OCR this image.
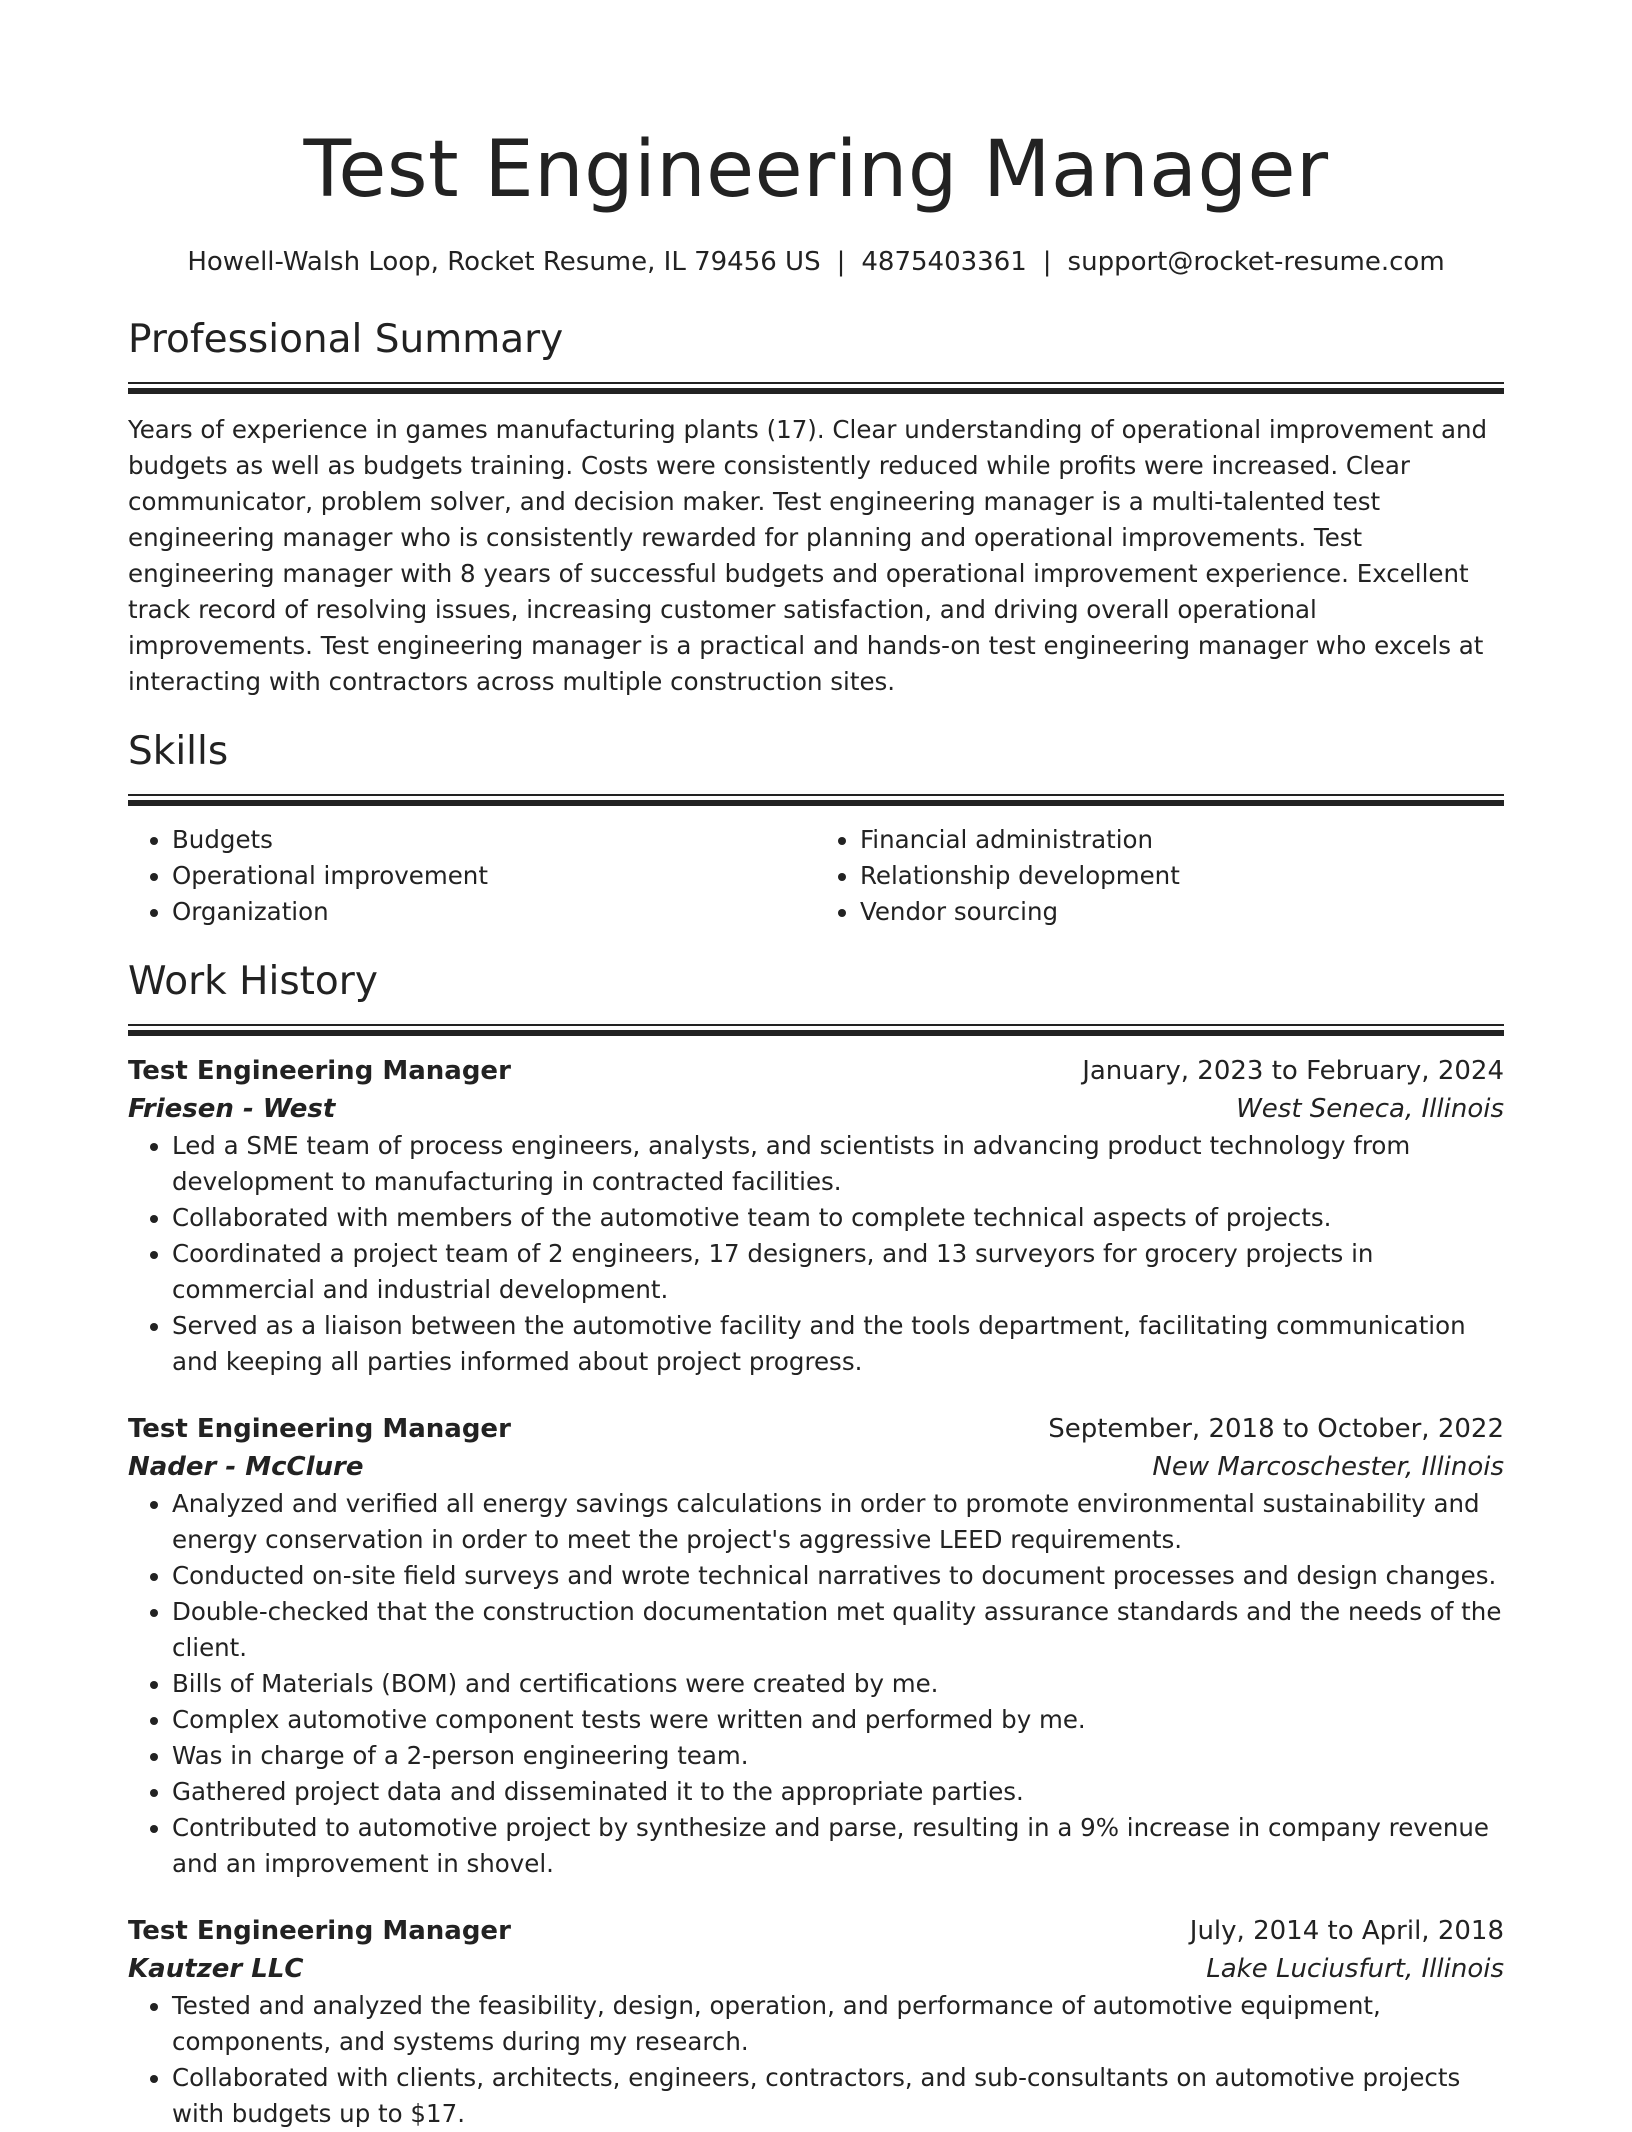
Test Engineering Manager
Howell-Walsh Loop, Rocket Resume, IL 79456 US | 4875403361 | support@rocket-resume.com
Professional Summary
Years of experience in games manufacturing plants (17). Clear understanding of operational improvement and budgets as well as budgets training. Costs were consistently reduced while profits were increased. Clear communicator, problem solver, and decision maker. Test engineering manager is a multi-talented test engineering manager who is consistently rewarded for planning and operational improvements. Test engineering manager with 8 years of successful budgets and operational improvement experience. Excellent track record of resolving issues, increasing customer satisfaction, and driving overall operational improvements. Test engineering manager is a practical and hands-on test engineering manager who excels at interacting with contractors across multiple construction sites.
Skills
• Budgets
• Operational improvement
• Organization
• Financial administration
• Relationship development
• Vendor sourcing
Work History
Test Engineering Manager	January, 2023 to February, 2024
Friesen - West	West Seneca, Illinois
• Led a SME team of process engineers, analysts, and scientists in advancing product technology from development to manufacturing in contracted facilities.
• Collaborated with members of the automotive team to complete technical aspects of projects.
• Coordinated a project team of 2 engineers, 17 designers, and 13 surveyors for grocery projects in commercial and industrial development.
• Served as a liaison between the automotive facility and the tools department, facilitating communication and keeping all parties informed about project progress.
Test Engineering Manager	September, 2018 to October, 2022
Nader - McClure	New Marcoschester, Illinois
• Analyzed and verified all energy savings calculations in order to promote environmental sustainability and energy conservation in order to meet the project's aggressive LEED requirements.
• Conducted on-site field surveys and wrote technical narratives to document processes and design changes.
• Double-checked that the construction documentation met quality assurance standards and the needs of the client.
• Bills of Materials (BOM) and certifications were created by me.
• Complex automotive component tests were written and performed by me.
• Was in charge of a 2-person engineering team.
• Gathered project data and disseminated it to the appropriate parties.
• Contributed to automotive project by synthesize and parse, resulting in a 9% increase in company revenue and an improvement in shovel.
Test Engineering Manager	July, 2014 to April, 2018
Kautzer LLC	Lake Luciusfurt, Illinois
• Tested and analyzed the feasibility, design, operation, and performance of automotive equipment, components, and systems during my research.
• Collaborated with clients, architects, engineers, contractors, and sub-consultants on automotive projects with budgets up to $17.
